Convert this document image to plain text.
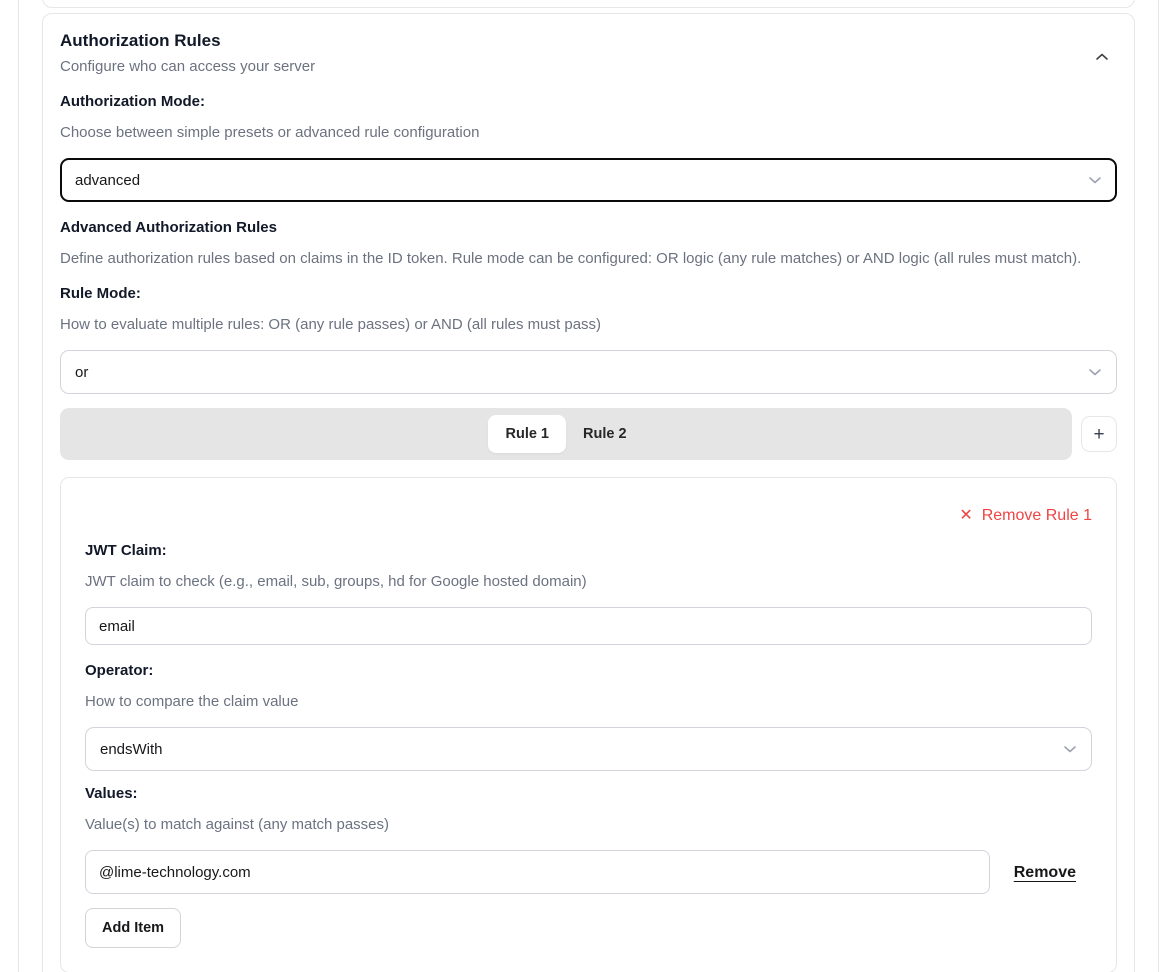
Authorization Rules
Configure who can access your server
Authorization Mode:
Choose between simple presets or advanced rule configuration
advanced
Advanced Authorization Rules
Define authorization rules based on claims in the ID token. Rule mode can be configured: OR logic (any rule matches) or AND logic (all rules must match).
Rule Mode:
How to evaluate multiple rules: OR (any rule passes) or AND (all rules must pass)
or
Rule 1	Rule 2	+
✕ Remove Rule 1
JWT Claim:
JWT claim to check (e.g., email, sub, groups, hd for Google hosted domain)
email
Operator:
How to compare the claim value
endsWith
Values:
Value(s) to match against (any match passes)
@lime-technology.com
Remove
Add Item
